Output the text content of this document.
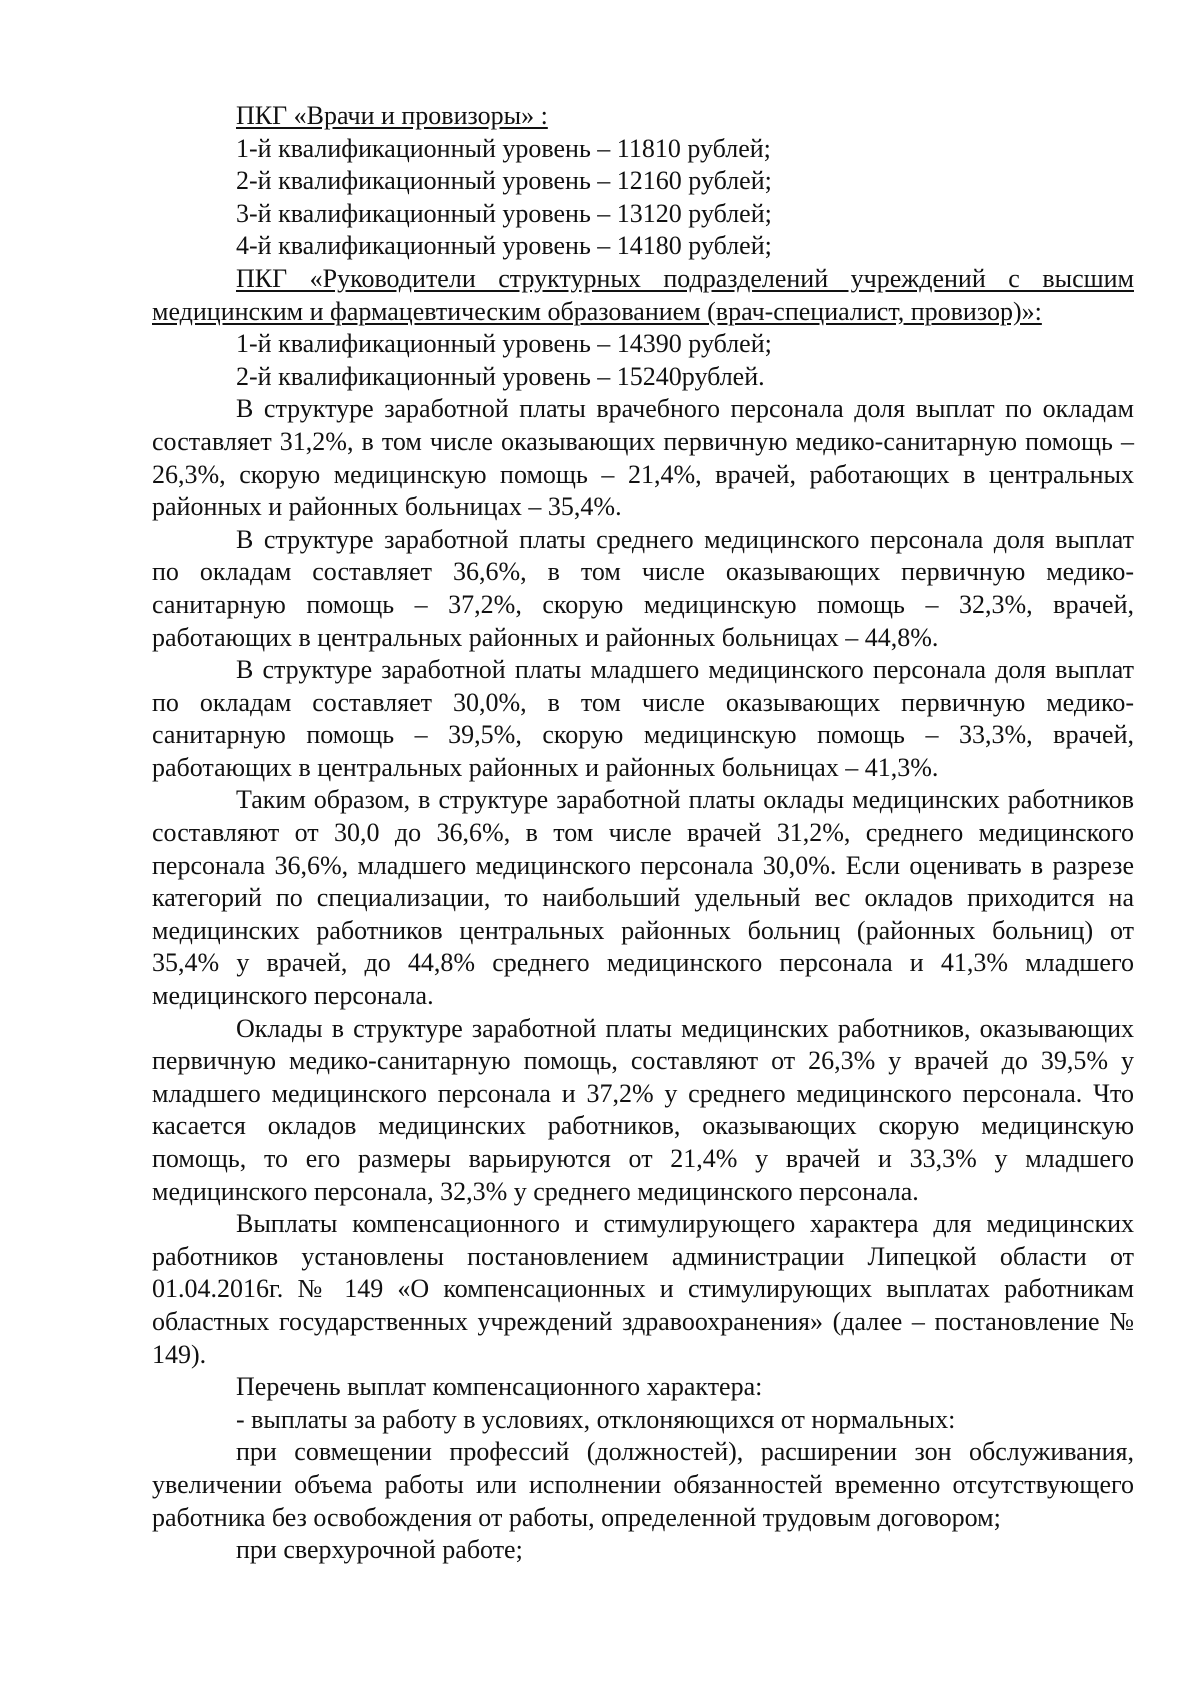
ПКГ «Врачи и провизоры» :

1-й квалификационный уровень – 11810 рублей;

2-й квалификационный уровень – 12160 рублей;

3-й квалификационный уровень – 13120 рублей;

4-й квалификационный уровень – 14180 рублей;

ПКГ «Руководители структурных подразделений учреждений с высшим медицинским и фармацевтическим образованием (врач-специалист, провизор)»:

1-й квалификационный уровень – 14390 рублей;

2-й квалификационный уровень – 15240рублей.

В структуре заработной платы врачебного персонала доля выплат по окладам составляет 31,2%, в том числе оказывающих первичную медико-санитарную помощь – 26,3%, скорую медицинскую помощь – 21,4%, врачей, работающих в центральных районных и районных больницах – 35,4%.

В структуре заработной платы среднего медицинского персонала доля выплат по окладам составляет 36,6%, в том числе оказывающих первичную медико-санитарную помощь – 37,2%, скорую медицинскую помощь – 32,3%, врачей, работающих в центральных районных и районных больницах – 44,8%.

В структуре заработной платы младшего медицинского персонала доля выплат по окладам составляет 30,0%, в том числе оказывающих первичную медико-санитарную помощь – 39,5%, скорую медицинскую помощь – 33,3%, врачей, работающих в центральных районных и районных больницах – 41,3%.

Таким образом, в структуре заработной платы оклады медицинских работников составляют от 30,0 до 36,6%, в том числе врачей 31,2%, среднего медицинского персонала 36,6%, младшего медицинского персонала 30,0%. Если оценивать в разрезе категорий по специализации, то наибольший удельный вес окладов приходится на медицинских работников центральных районных больниц (районных больниц) от 35,4% у врачей, до 44,8% среднего медицинского персонала и 41,3% младшего медицинского персонала.

Оклады в структуре заработной платы медицинских работников, оказывающих первичную медико-санитарную помощь, составляют от 26,3% у врачей до 39,5% у младшего медицинского персонала и 37,2% у среднего медицинского персонала. Что касается окладов медицинских работников, оказывающих скорую медицинскую помощь, то его размеры варьируются от 21,4% у врачей и 33,3% у младшего медицинского персонала, 32,3% у среднего медицинского персонала.

Выплаты компенсационного и стимулирующего характера для медицинских работников установлены постановлением администрации Липецкой области от 01.04.2016г. № 149 «О компенсационных и стимулирующих выплатах работникам областных государственных учреждений здравоохранения» (далее – постановление № 149).

Перечень выплат компенсационного характера:

- выплаты за работу в условиях, отклоняющихся от нормальных:

при совмещении профессий (должностей), расширении зон обслуживания, увеличении объема работы или исполнении обязанностей временно отсутствующего работника без освобождения от работы, определенной трудовым договором;

при сверхурочной работе;
